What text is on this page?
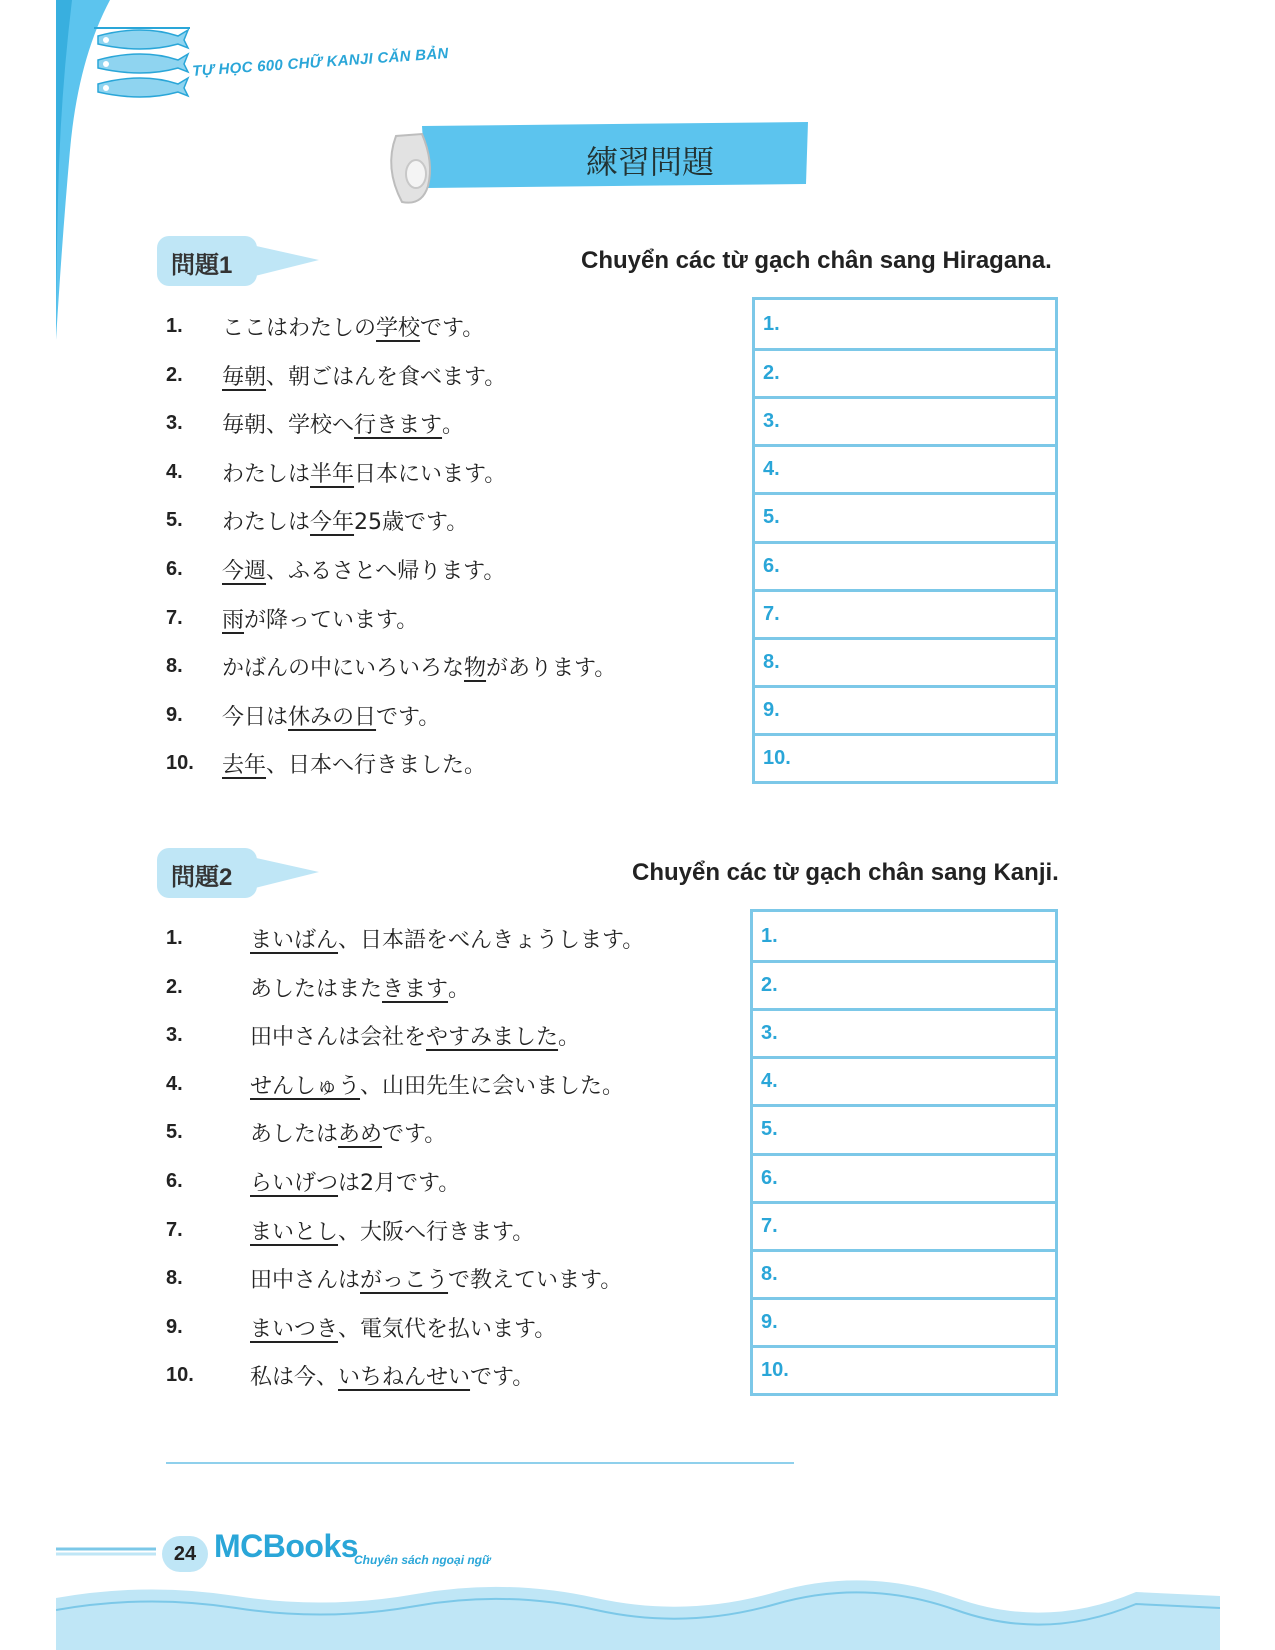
TỰ HỌC 600 CHỮ KANJI CĂN BẢN
練習問題
問題1	Chuyển các từ gạch chân sang Hiragana.
1. ここはわたしの 学校 です。
2. 毎朝 、朝ごはんを食べます。
3. 毎朝、学校へ 行きます 。
4. わたしは 半年 日本にいます。
5. わたしは 今年 25歳です。
6. 今週 、ふるさとへ帰ります。
7. 雨 が降っています。
8. かばんの中にいろいろな 物 があります。
9. 今日は 休みの日 です。
10. 去年 、日本へ行きました。
1.
2.
3.
4.
5.
6.
7.
8.
9.
10.
問題2	Chuyển các từ gạch chân sang Kanji.
1.	まいばん 、日本語をべんきょうします。
2.	あしたはまた きます 。
3.	田中さんは会社を やすみました 。
4.	せんしゅう 、山田先生に会いました。
5.	あしたは あめ です。
6.	らいげつ は2月です。
7.	まいとし 、大阪へ行きます。
8.	田中さんは がっこう で教えています。
9.	まいつき 、電気代を払います。
10.	私は今、 いちねんせい です。
1.
2.
3.
4.
5.
6.
7.
8.
9.
10.
24 MCBooks
Chuyên sách ngoại ngữ
